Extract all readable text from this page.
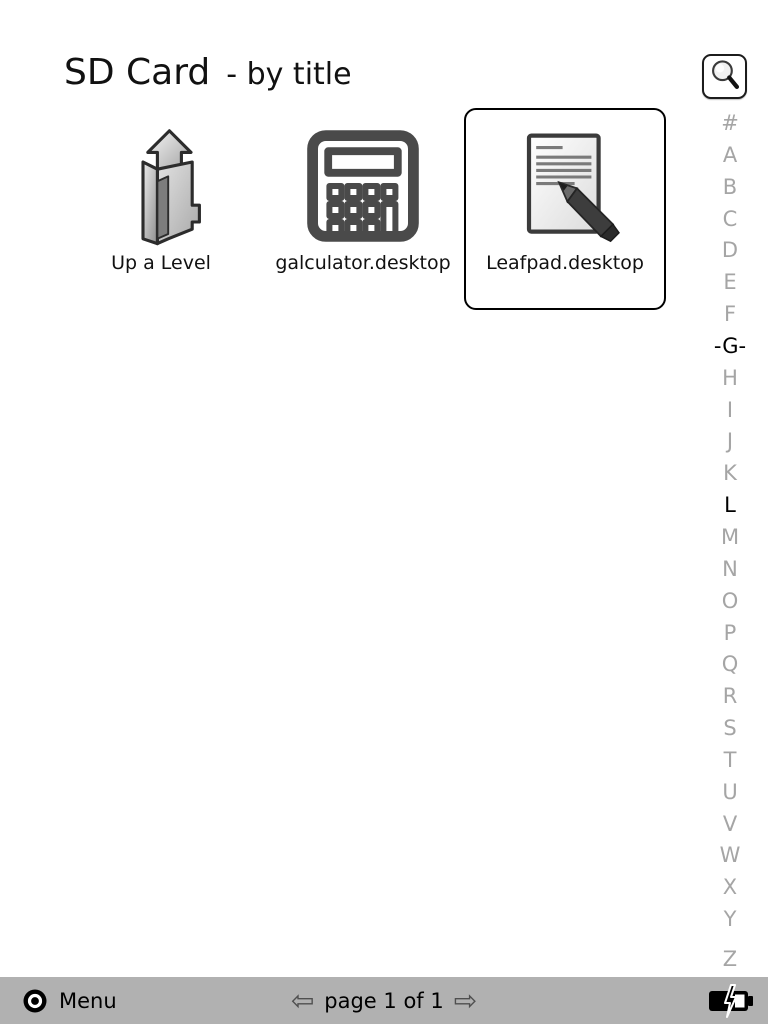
SD Card - by title
Up a Level	galculator.desktop Leafpad.desktop
#
A
B
C
D
E
F
-G-
H
I
J
K
L
M
N
O
P
Q
R
S
T
U
V
W
X
Y
Z
Menu	⇦ page 1 of 1 ⇨
